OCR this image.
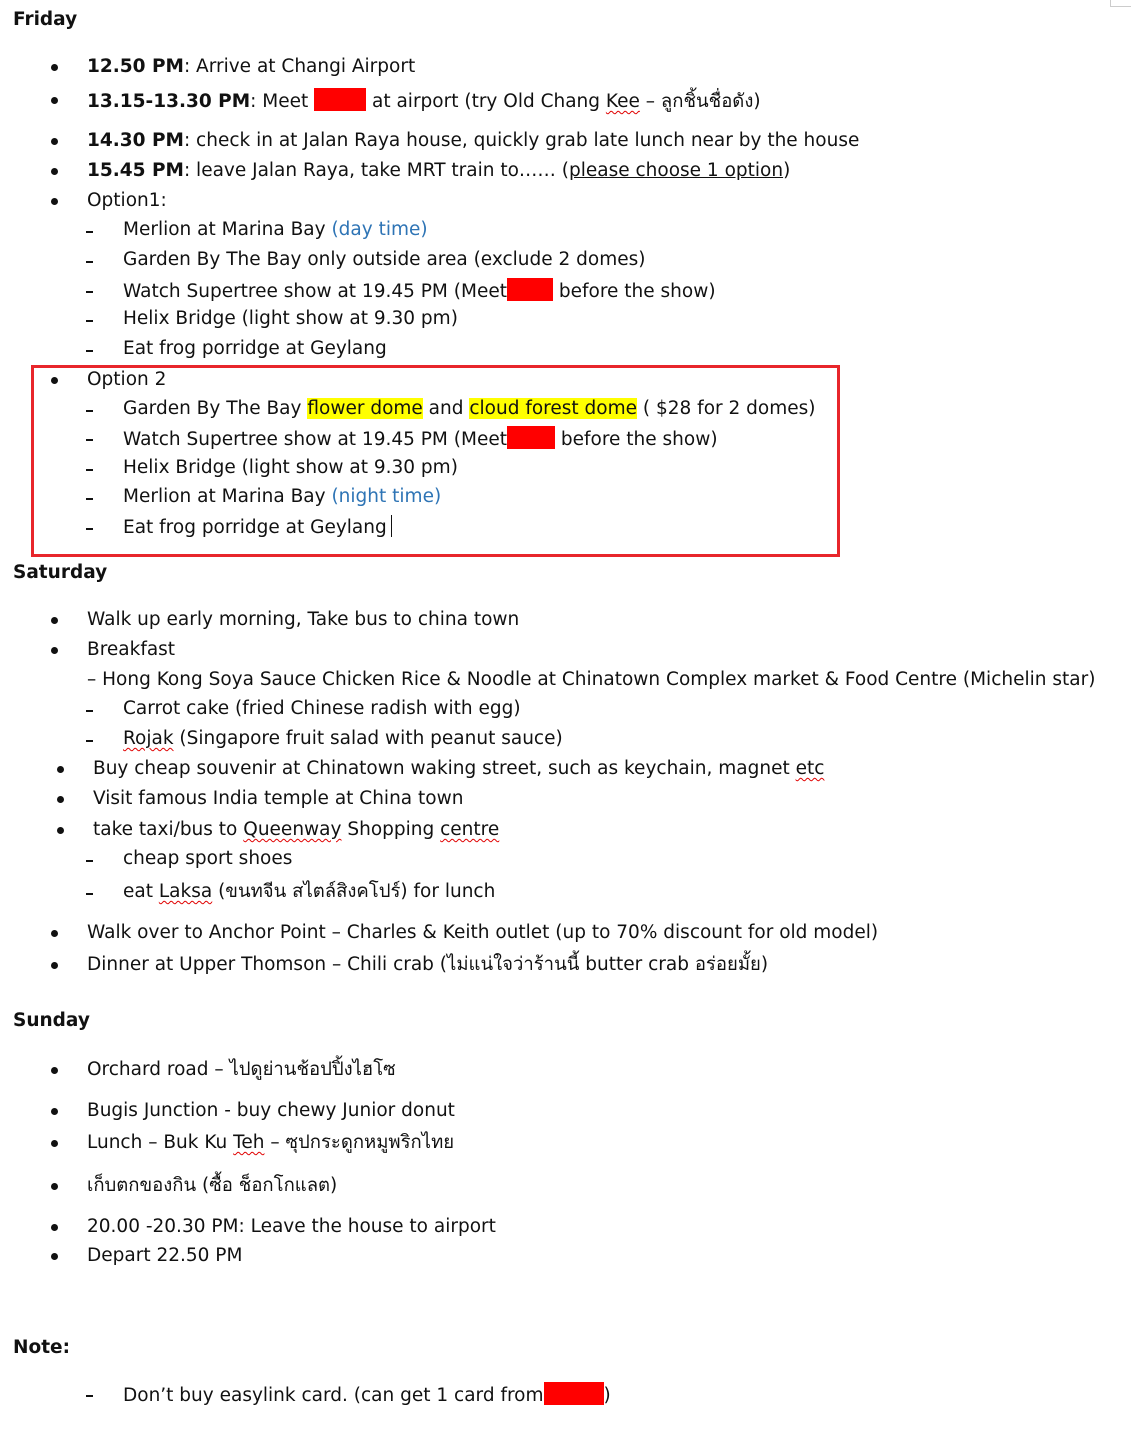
Friday
12.50 PM: Arrive at Changi Airport
13.15-13.30 PM: Meet	at airport (try Old Chang Kee – ลูกชิ้นชื่อดัง)
14.30 PM: check in at Jalan Raya house, quickly grab late lunch near by the house
15.45 PM: leave Jalan Raya, take MRT train to…… (please choose 1 option)
Option1:
Merlion at Marina Bay (day time)
Garden By The Bay only outside area (exclude 2 domes)
Watch Supertree show at 19.45 PM (Meet before the show)
Helix Bridge (light show at 9.30 pm)
Eat frog porridge at Geylang
Option 2
Garden By The Bay flower dome and cloud forest dome ( $28 for 2 domes)
Watch Supertree show at 19.45 PM (Meet	before the show)
Helix Bridge (light show at 9.30 pm)
Merlion at Marina Bay (night time)
Eat frog porridge at Geylang
Saturday
Walk up early morning, Take bus to china town
Breakfast
– Hong Kong Soya Sauce Chicken Rice & Noodle at Chinatown Complex market & Food Centre (Michelin star)
Carrot cake (fried Chinese radish with egg)
Rojak (Singapore fruit salad with peanut sauce)
Buy cheap souvenir at Chinatown waking street, such as keychain, magnet etc
Visit famous India temple at China town
take taxi/bus to Queenway Shopping centre
cheap sport shoes
eat Laksa (ขนทจีน สไตล์สิงคโปร์) for lunch
Walk over to Anchor Point – Charles & Keith outlet (up to 70% discount for old model)
Dinner at Upper Thomson – Chili crab (ไม่แน่ใจว่าร้านนี้ butter crab อร่อยมั้ย)
Sunday
Orchard road – ไปดูย่านช้อปปิ้งไฮโซ
Bugis Junction - buy chewy Junior donut
Lunch – Buk Ku Teh – ซุปกระดูกหมูพริกไทย
เก็บตกของกิน (ซื้อ ช็อกโกแลต)
20.00 -20.30 PM: Leave the house to airport
Depart 22.50 PM
Note:
Don’t buy easylink card. (can get 1 card from	)
